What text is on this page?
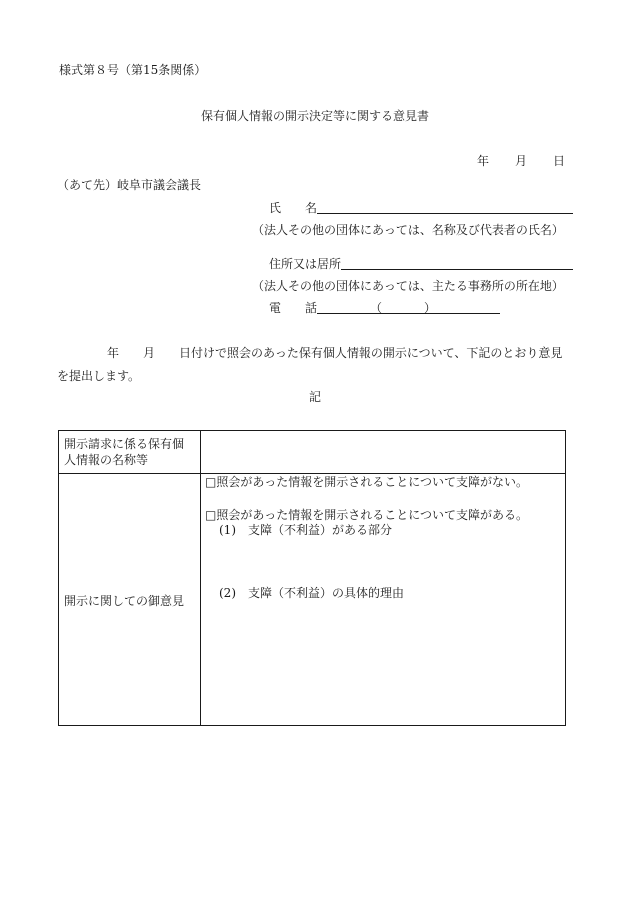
様式第８号（第15条関係）
保有個人情報の開示決定等に関する意見書
年 月 日
（あて先）岐阜市議会議長
氏　　名
（法人その他の団体にあっては、名称及び代表者の氏名）
住所又は居所
（法人その他の団体にあっては、主たる事務所の所在地）
電　　話	（	）
年　　月　　日付けで照会のあった保有個人情報の開示について、下記のとおり意見
を提出します。
記
開示請求に係る保有個
人情報の名称等
開示に関しての御意見
□照会があった情報を開示されることについて支障がない。
□照会があった情報を開示されることについて支障がある。
(1)　支障（不利益）がある部分
(2)　支障（不利益）の具体的理由
